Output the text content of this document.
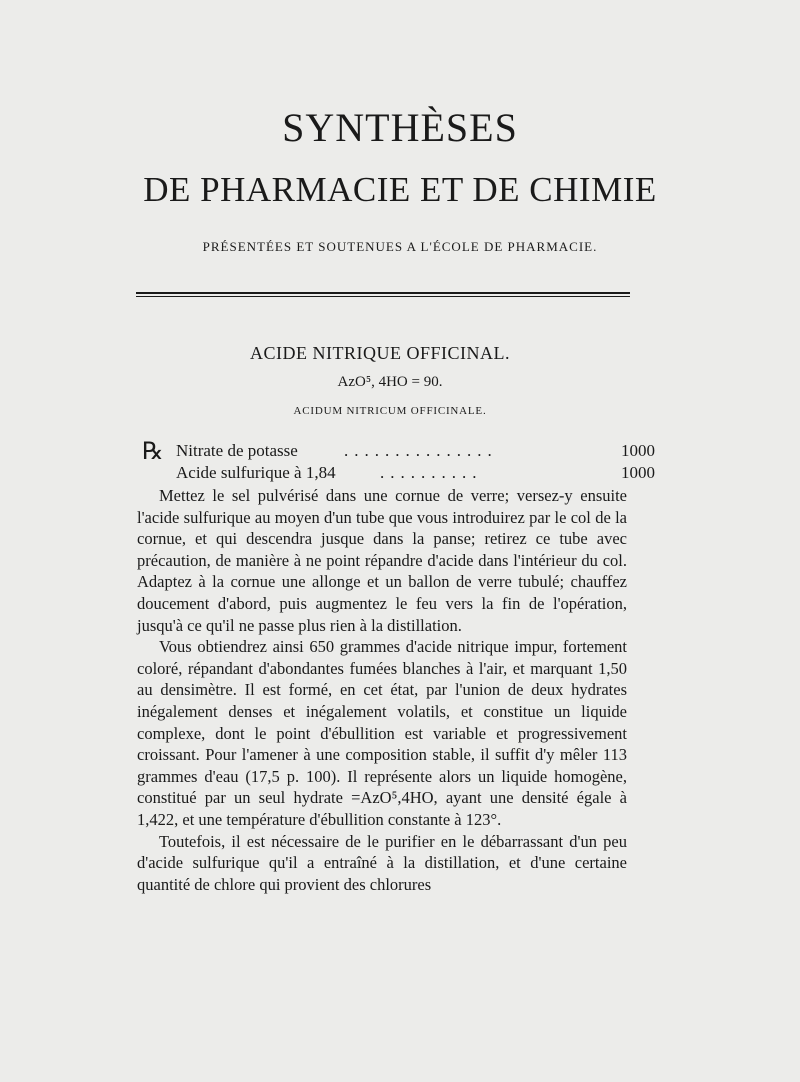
SYNTHÈSES
DE PHARMACIE ET DE CHIMIE
PRÉSENTÉES ET SOUTENUES A L'ÉCOLE DE PHARMACIE.
ACIDE NITRIQUE OFFICINAL.
AzO⁵, 4HO = 90.
ACIDUM NITRICUM OFFICINALE.
℞ Nitrate de potasse	...............	1000
Acide sulfurique à 1,84	..........	1000

Mettez le sel pulvérisé dans une cornue de verre; versez-y ensuite l'acide sulfurique au moyen d'un tube que vous introduirez par le col de la cornue, et qui descendra jusque dans la panse; retirez ce tube avec précaution, de manière à ne point répandre d'acide dans l'intérieur du col. Adaptez à la cornue une allonge et un ballon de verre tubulé; chauffez doucement d'abord, puis augmentez le feu vers la fin de l'opération, jusqu'à ce qu'il ne passe plus rien à la distillation.

Vous obtiendrez ainsi 650 grammes d'acide nitrique impur, fortement coloré, répandant d'abondantes fumées blanches à l'air, et marquant 1,50 au densimètre. Il est formé, en cet état, par l'union de deux hydrates inégalement denses et inégalement volatils, et constitue un liquide complexe, dont le point d'ébullition est variable et progressivement croissant. Pour l'amener à une composition stable, il suffit d'y mêler 113 grammes d'eau (17,5 p. 100). Il représente alors un liquide homogène, constitué par un seul hydrate =AzO⁵,4HO, ayant une densité égale à 1,422, et une température d'ébullition constante à 123°.

Toutefois, il est nécessaire de le purifier en le débarrassant d'un peu d'acide sulfurique qu'il a entraîné à la distillation, et d'une certaine quantité de chlore qui provient des chlorures
